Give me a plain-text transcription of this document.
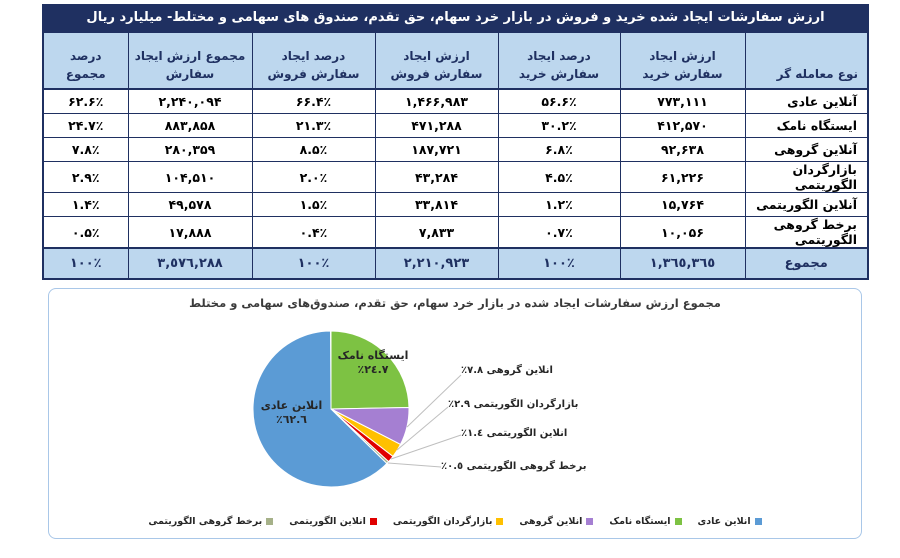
ارزش سفارشات ایجاد شده خرید و فروش در بازار خرد سهام، حق تقدم، صندوق های سهامی و مختلط- میلیارد ریال
نوع معامله گر	ارزش ایجاد سفارش خرید	درصد ایجاد سفارش خرید	ارزش ایجاد سفارش فروش	درصد ایجاد سفارش فروش	مجموع ارزش ایجاد سفارش	درصد مجموع
آنلاین عادی	۷۷۳,۱۱۱	۵۶.۶٪	۱,۴۶۶,۹۸۳	۶۶.۴٪	۲,۲۴۰,۰۹۴	۶۲.۶٪
ایستگاه نامک	۴۱۲,۵۷۰	۳۰.۲٪	۴۷۱,۲۸۸	۲۱.۳٪	۸۸۳,۸۵۸	۲۴.۷٪
آنلاین گروهی	۹۲,۶۳۸	۶.۸٪	۱۸۷,۷۲۱	۸.۵٪	۲۸۰,۳۵۹	۷.۸٪
بازارگردان الگوریتمی	۶۱,۲۲۶	۴.۵٪	۴۳,۲۸۴	۲.۰٪	۱۰۴,۵۱۰	۲.۹٪
آنلاین الگوریتمی	۱۵,۷۶۴	۱.۲٪	۳۳,۸۱۴	۱.۵٪	۴۹,۵۷۸	۱.۴٪
برخط گروهی الگوریتمی	۱۰,۰۵۶	۰.۷٪	۷,۸۳۳	۰.۴٪	۱۷,۸۸۸	۰.۵٪
مجموع	١,٣٦٥,٣٦٥	۱۰۰٪	٢,٢١٠,٩٢٣	۱۰۰٪	٣,٥٧٦,٢٨٨	۱۰۰٪
مجموع ارزش سفارشات ایجاد شده در بازار خرد سهام، حق تقدم، صندوق‌های سهامی و مختلط
انلاین عادی
٦٢.٦٪
ایستگاه نامک
٢٤.٧٪	انلاین گروهی ٧.٨٪
بازارگردان الگوریتمی ٢.٩٪
انلاین الگوریتمی ١.٤٪
برخط گروهی الگوریتمی ٠.٥٪
انلاین عادی
ایستگاه نامک
انلاین گروهی
بازارگردان الگوریتمی
انلاین الگوریتمی
برخط گروهی الگوریتمی
